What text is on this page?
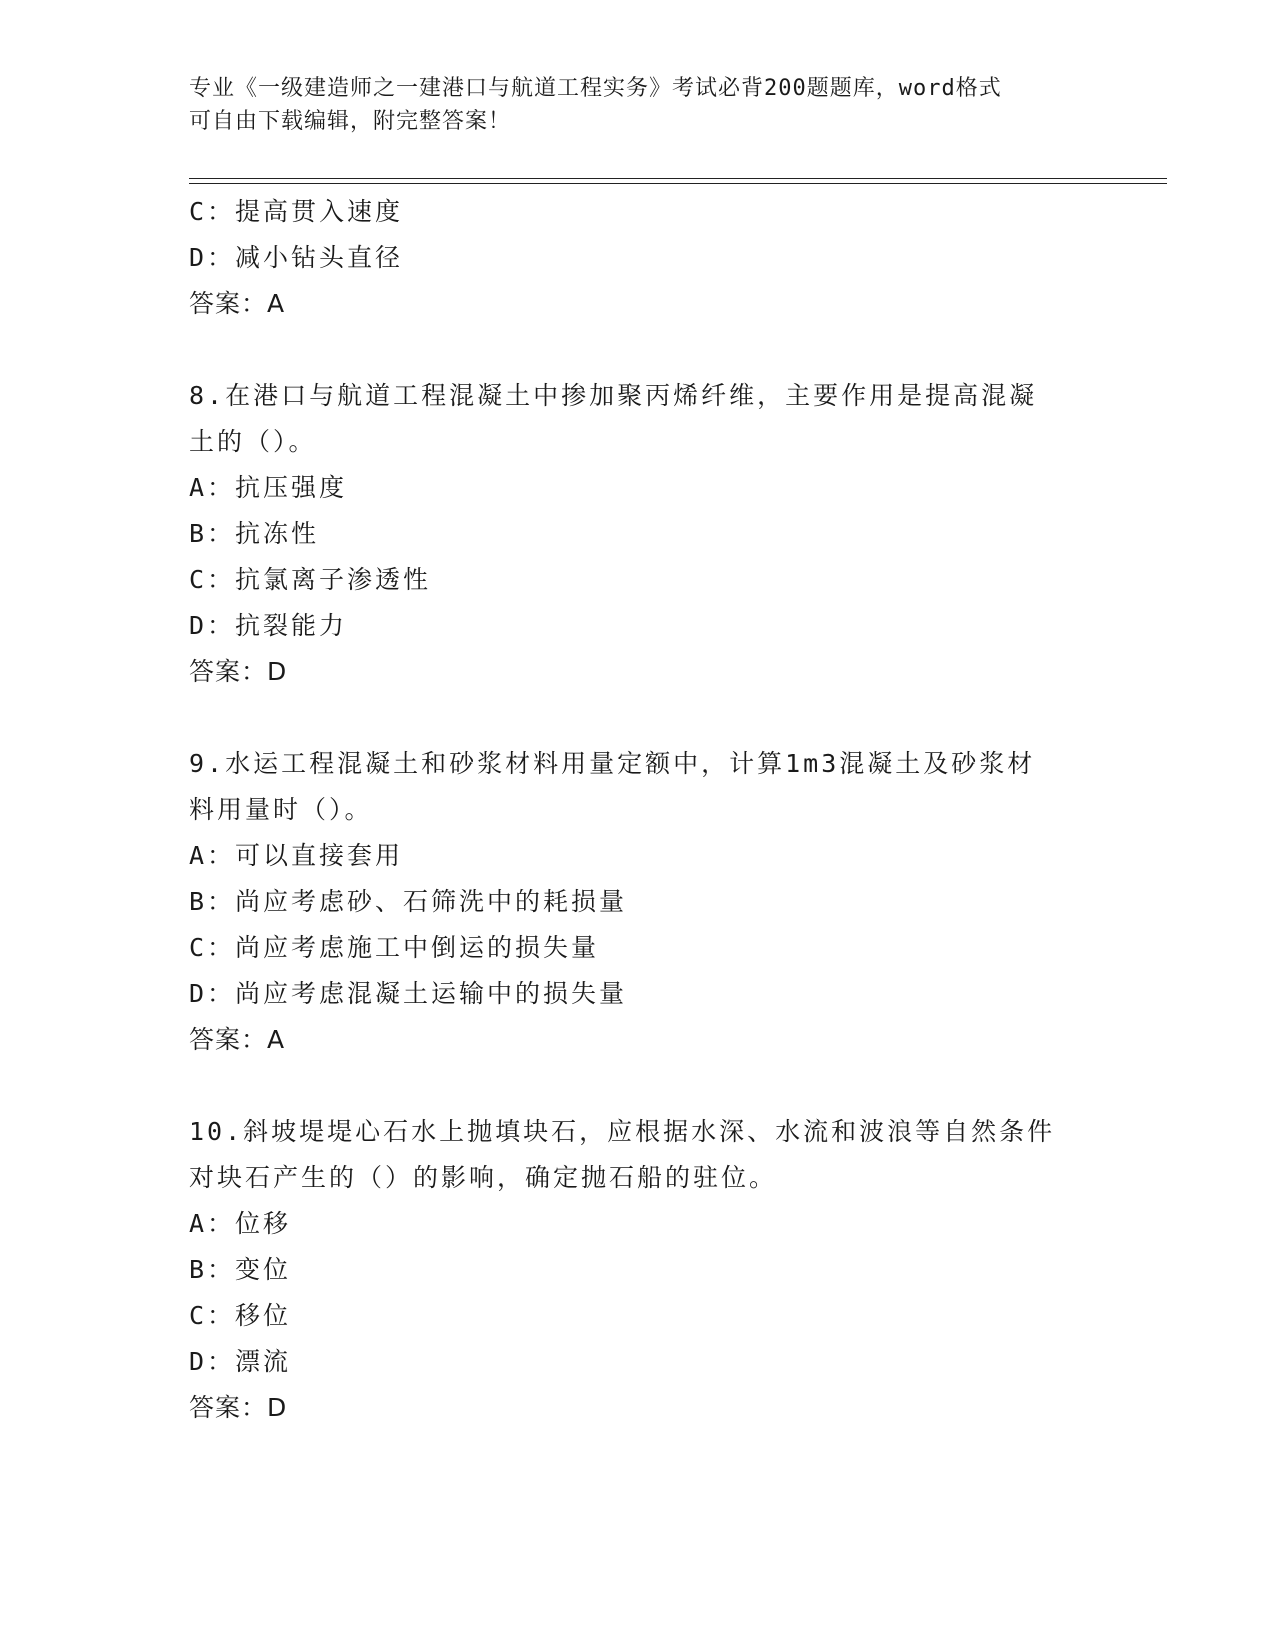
专业《一级建造师之一建港口与航道工程实务》考试必背200题题库，word格式
可自由下载编辑，附完整答案！
C：提高贯入速度
D：减小钻头直径
答案：A
8.在港口与航道工程混凝土中掺加聚丙烯纤维，主要作用是提高混凝
土的（）。
A：抗压强度
B：抗冻性
C：抗氯离子渗透性
D：抗裂能力
答案：D
9.水运工程混凝土和砂浆材料用量定额中，计算1m3混凝土及砂浆材
料用量时（）。
A：可以直接套用
B：尚应考虑砂、石筛洗中的耗损量
C：尚应考虑施工中倒运的损失量
D：尚应考虑混凝土运输中的损失量
答案：A
10.斜坡堤堤心石水上抛填块石，应根据水深、水流和波浪等自然条件
对块石产生的（）的影响，确定抛石船的驻位。
A：位移
B：变位
C：移位
D：漂流
答案：D
